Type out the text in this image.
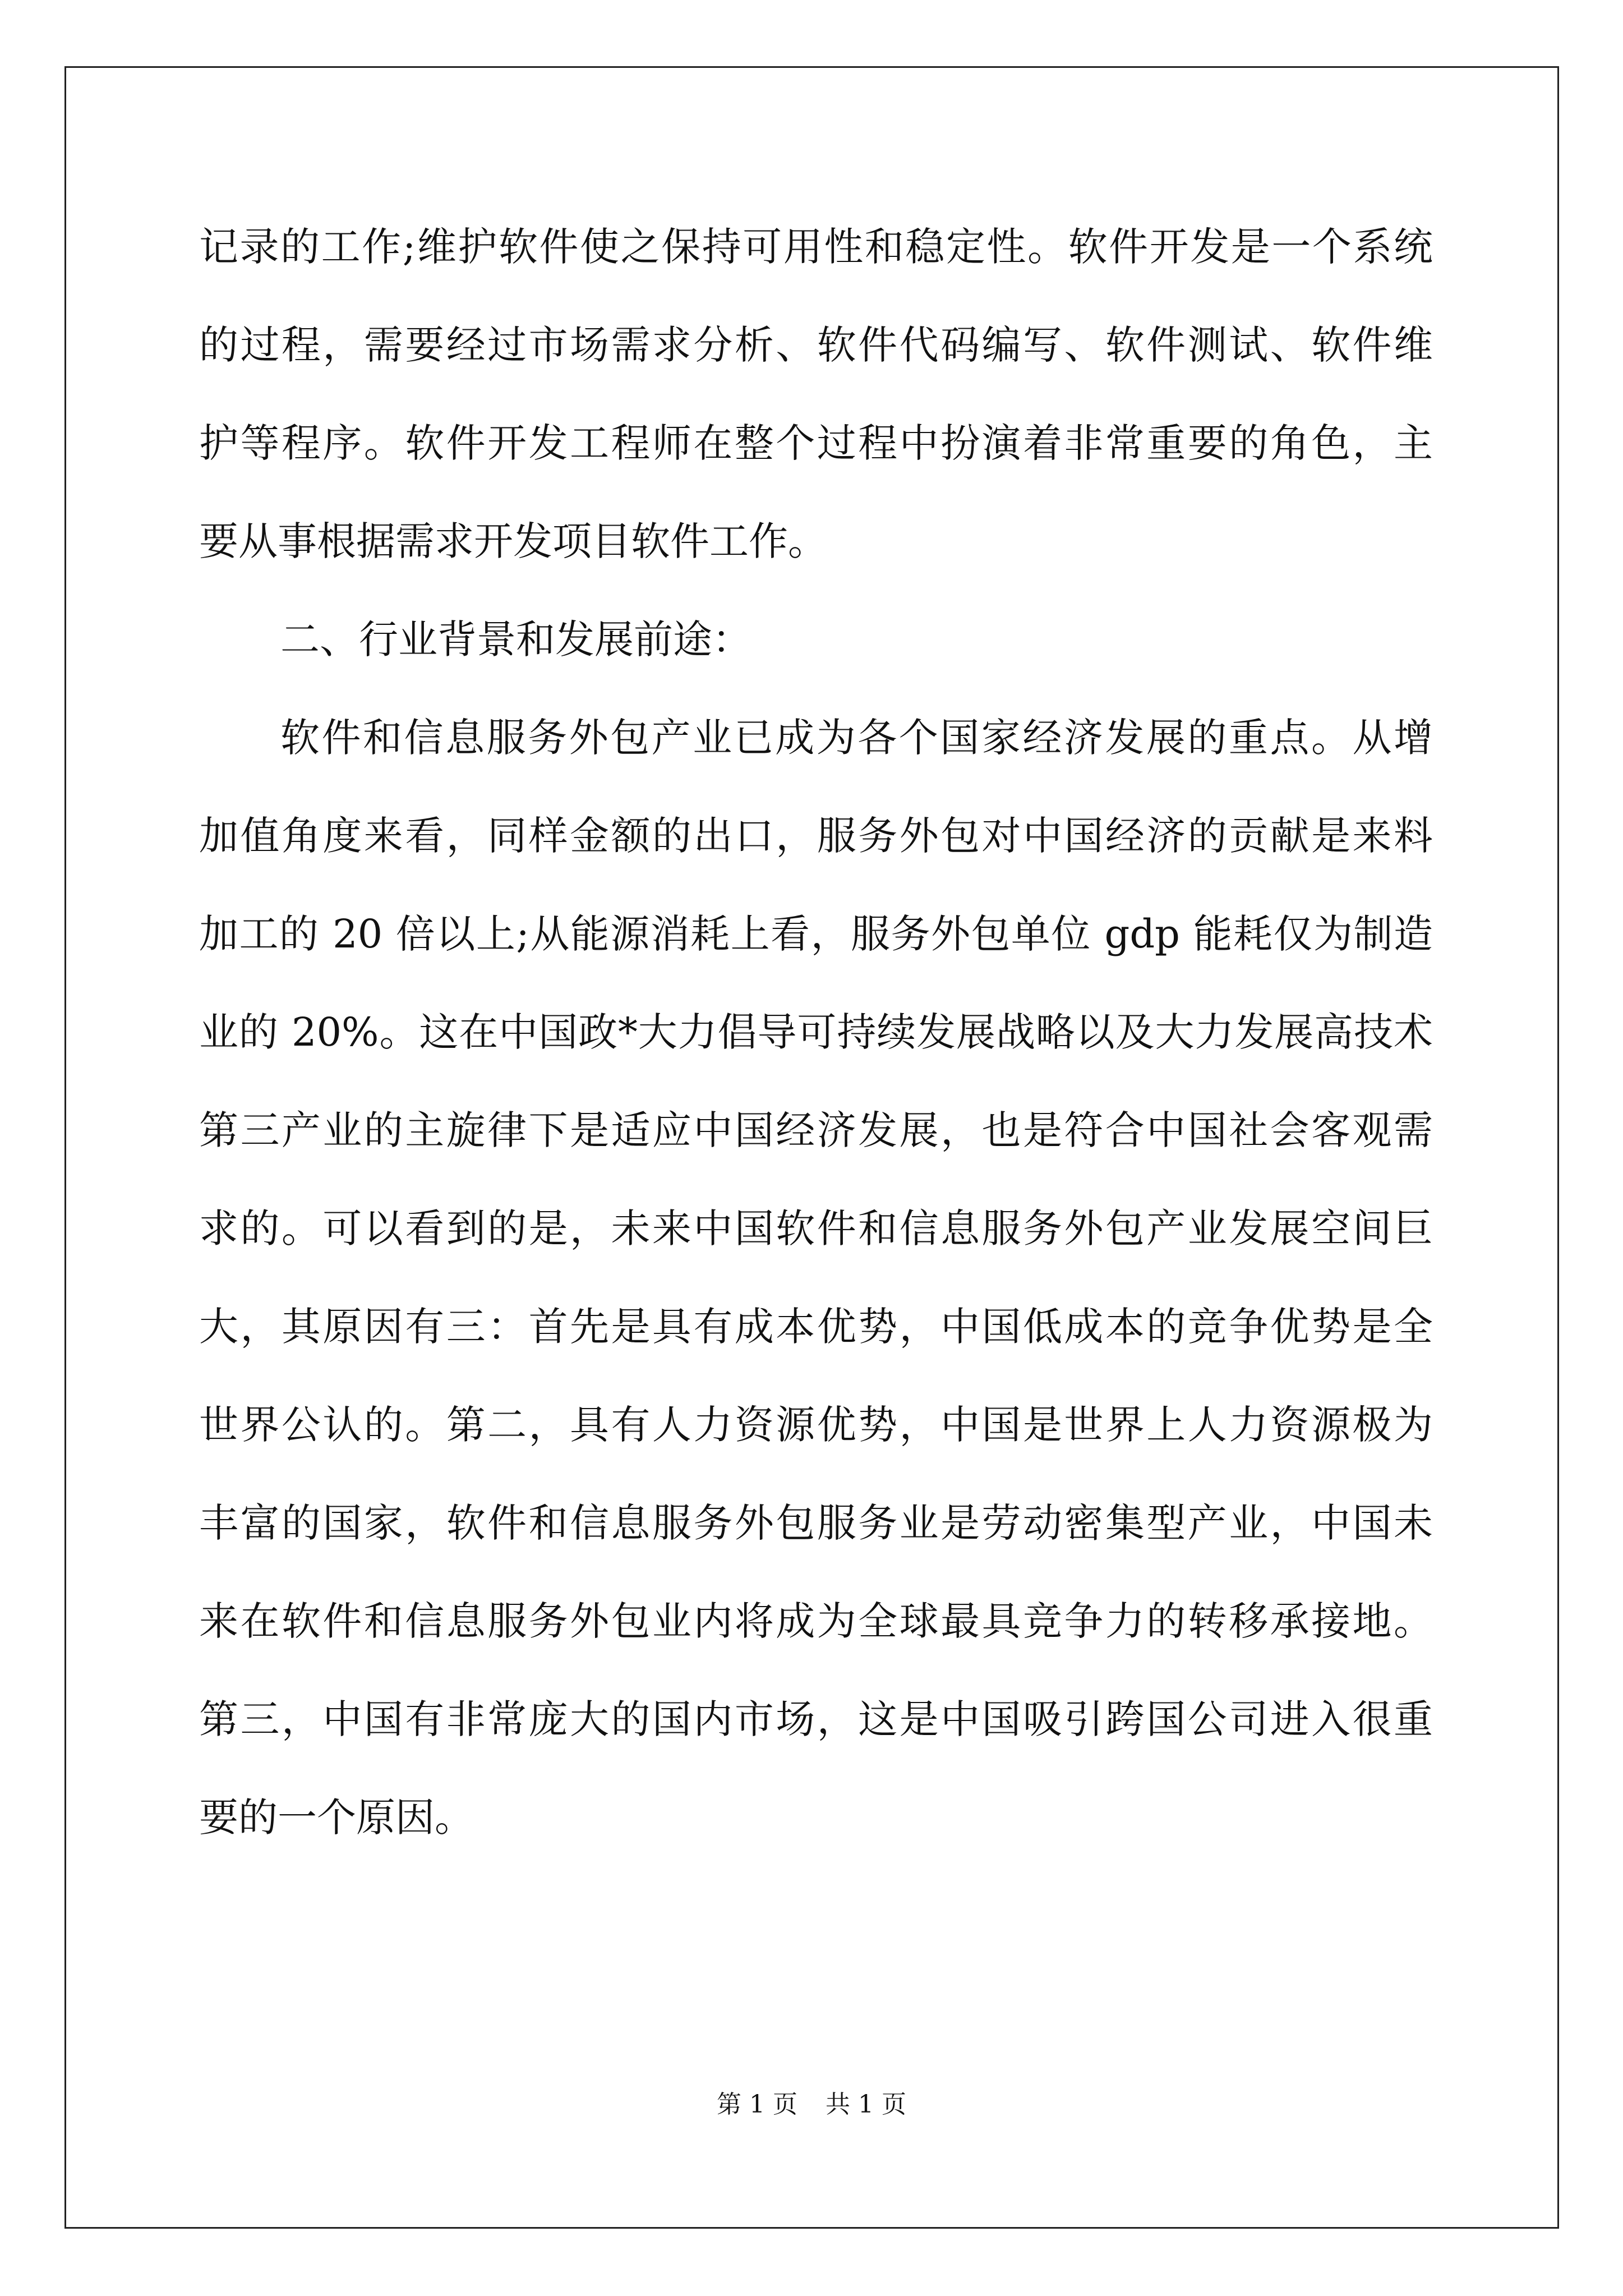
记录的工作;维护软件使之保持可用性和稳定性。软件开发是一个系统
的过程，需要经过市场需求分析、软件代码编写、软件测试、软件维
护等程序。软件开发工程师在整个过程中扮演着非常重要的角色，主
要从事根据需求开发项目软件工作。
二、行业背景和发展前途：
软件和信息服务外包产业已成为各个国家经济发展的重点。从增
加值角度来看，同样金额的出口，服务外包对中国经济的贡献是来料
加工的 20 倍以上;从能源消耗上看，服务外包单位 gdp 能耗仅为制造
业的 20%。这在中国政*大力倡导可持续发展战略以及大力发展高技术
第三产业的主旋律下是适应中国经济发展，也是符合中国社会客观需
求的。可以看到的是，未来中国软件和信息服务外包产业发展空间巨
大，其原因有三：首先是具有成本优势，中国低成本的竞争优势是全
世界公认的。第二，具有人力资源优势，中国是世界上人力资源极为
丰富的国家，软件和信息服务外包服务业是劳动密集型产业，中国未
来在软件和信息服务外包业内将成为全球最具竞争力的转移承接地。
第三，中国有非常庞大的国内市场，这是中国吸引跨国公司进入很重
要的一个原因。
第 1 页 共 1 页
